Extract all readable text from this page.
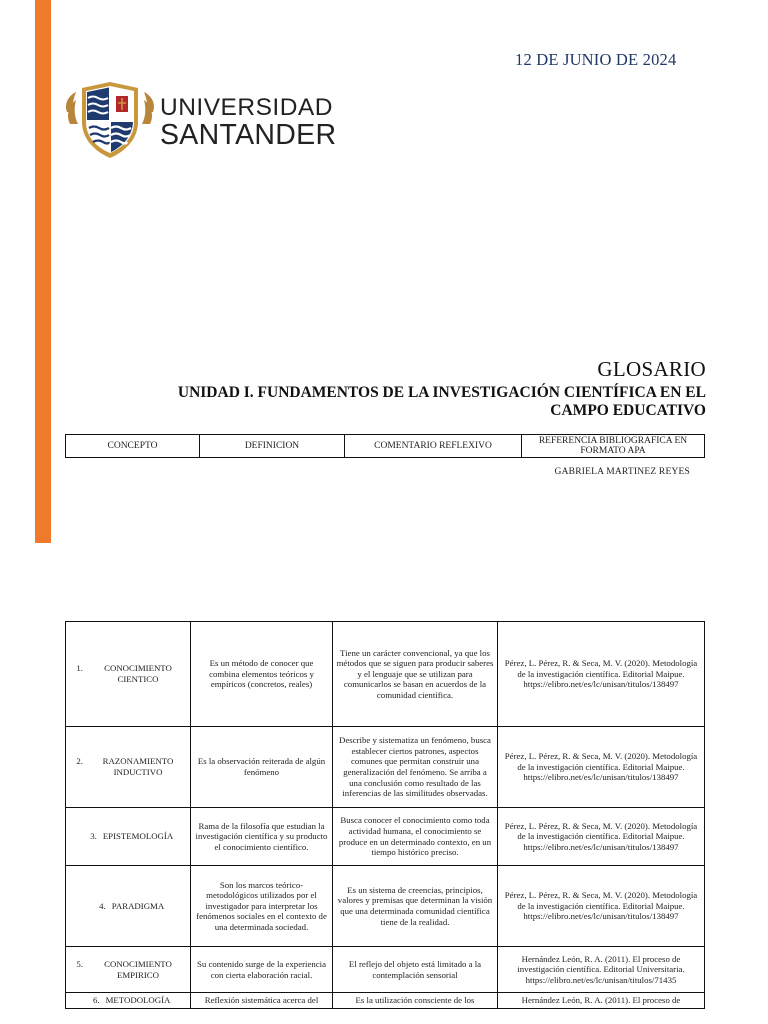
12 DE JUNIO DE 2024
UNIVERSIDAD
SANTANDER
GLOSARIO
UNIDAD I. FUNDAMENTOS DE LA INVESTIGACIÓN CIENTÍFICA EN EL
CAMPO EDUCATIVO
CONCEPTO	DEFINICION	COMENTARIO REFLEXIVO	REFERENCIA BIBLIOGRAFICA EN FORMATO APA
GABRIELA MARTINEZ REYES
1. CONOCIMIENTO CIENTICO	Es un método de conocer que combina elementos teóricos y empíricos (concretos, reales)	Tiene un carácter convencional, ya que los métodos que se siguen para producir saberes y el lenguaje que se utilizan para comunicarlos se basan en acuerdos de la comunidad científica.	Pérez, L. Pérez, R. & Seca, M. V. (2020). Metodología de la investigación científica. Editorial Maipue. https://elibro.net/es/lc/unisan/titulos/138497

2. RAZONAMIENTO INDUCTIVO	Es la observación reiterada de algún fenómeno	Describe y sistematiza un fenómeno, busca establecer ciertos patrones, aspectos comunes que permitan construir una generalización del fenómeno. Se arriba a una conclusión como resultado de las inferencias de las similitudes observadas.	Pérez, L. Pérez, R. & Seca, M. V. (2020). Metodología de la investigación científica. Editorial Maipue. https://elibro.net/es/lc/unisan/titulos/138497

3. EPISTEMOLOGÍA	Rama de la filosofía que estudian la investigación científica y su producto el conocimiento científico.	Busca conocer el conocimiento como toda actividad humana, el conocimiento se produce en un determinado contexto, en un tiempo histórico preciso.	Pérez, L. Pérez, R. & Seca, M. V. (2020). Metodología de la investigación científica. Editorial Maipue. https://elibro.net/es/lc/unisan/titulos/138497

4. PARADIGMA	Son los marcos teórico-metodológicos utilizados por el investigador para interpretar los fenómenos sociales en el contexto de una determinada sociedad.	Es un sistema de creencias, principios, valores y premisas que determinan la visión que una determinada comunidad científica tiene de la realidad.	Pérez, L. Pérez, R. & Seca, M. V. (2020). Metodología de la investigación científica. Editorial Maipue. https://elibro.net/es/lc/unisan/titulos/138497

5. CONOCIMIENTO EMPIRICO	Su contenido surge de la experiencia con cierta elaboración racial.	El reflejo del objeto está limitado a la contemplación sensorial	Hernández León, R. A. (2011). El proceso de investigación científica. Editorial Universitaria. https://elibro.net/es/lc/unisan/titulos/71435

6. METODOLOGÍA	Reflexión sistemática acerca del	Es la utilización consciente de los	Hernández León, R. A. (2011). El proceso de
